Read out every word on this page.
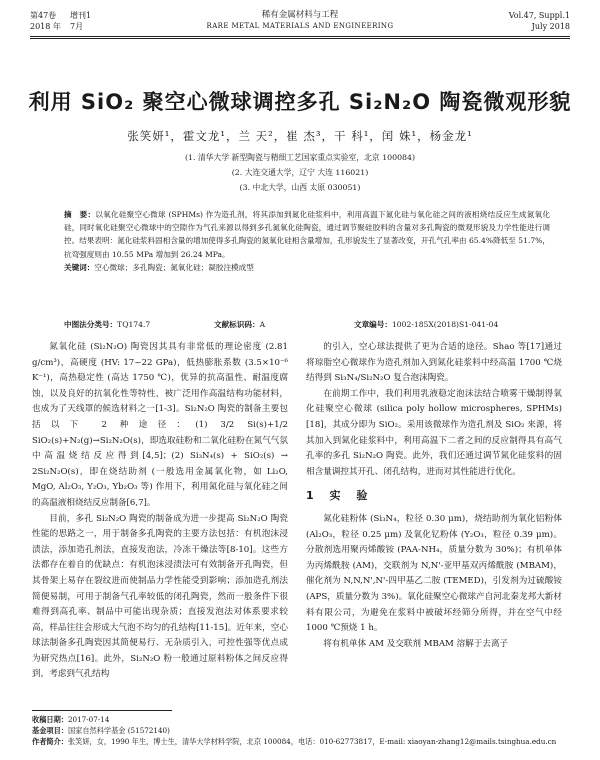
第47卷 增刊1
2018 年 7月
稀有金属材料与工程
RARE METAL MATERIALS AND ENGINEERING
Vol.47, Suppl.1
July 2018
利用 SiO₂ 聚空心微球调控多孔 Si₂N₂O 陶瓷微观形貌
张笑妍¹，霍文龙¹，兰 天²，崔 杰³，干 科¹，闰 姝¹，杨金龙¹
(1. 清华大学 新型陶瓷与精细工艺国家重点实验室，北京 100084)
(2. 大连交通大学，辽宁 大连 116021)
(3. 中北大学，山西 太原 030051)
摘　要：以氧化硅聚空心微球 (SPHMs) 作为造孔剂，将其添加到氮化硅浆料中，利用高温下氮化硅与氧化硅之间的液相烧结反应生成氮氧化硅，同时氧化硅聚空心微球中的空隙作为气孔来源以得到多孔氮氧化硅陶瓷，通过调节聚硅胶料的含量对多孔陶瓷的微观形貌及力学性能进行调控。结果表明：氮化硅浆料固相含量的增加使得多孔陶瓷的氮氧化硅相含量增加，孔形貌发生了显著改变，开孔气孔率由 65.4%降低至 51.7%，抗弯强度则由 10.55 MPa 增加到 26.24 MPa。
关键词：空心微球；多孔陶瓷；氮氧化硅；凝胶注模成型
中图法分类号：TQ174.7	文献标识码：A	文章编号：1002-185X(2018)S1-041-04

氮氧化硅 (Si₂N₂O) 陶瓷因其具有非常低的理论密度 (2.81 g/cm³)，高硬度 (HV: 17~22 GPa)，低热膨胀系数 (3.5×10⁻⁶ K⁻¹)，高热稳定性 (高达 1750 ℃)，优异的抗高温性、耐温度腐蚀，以及良好的抗氧化性等特性，被广泛用作高温结构功能材料，也成为了天线罩的候选材料之一[1-3]。Si₂N₂O 陶瓷的制备主要包括以下 2 种途径：(1) 3/2 Si(s)+1/2 SiO₂(s)+N₂(g)→Si₂N₂O(s)，即选取硅粉和二氧化硅粉在氮气气氛中高温烧结反应得到[4,5]；(2) Si₃N₄(s) + SiO₂(s) → 2Si₂N₂O(s)，即在烧结助剂 (一般选用金属氧化物，如 Li₂O, MgO, Al₂O₃, Y₂O₃, Yb₂O₃ 等) 作用下，利用氮化硅与氧化硅之间的高温液相烧结反应制备[6,7]。

目前，多孔 Si₂N₂O 陶瓷的制备成为进一步提高 Si₂N₂O 陶瓷性能的思路之一，用于制备多孔陶瓷的主要方法包括：有机泡沫浸渍法，添加造孔剂法，直接发泡法，冷冻干燥法等[8-10]。这些方法都存在着自的优缺点：有机泡沫浸渍法可有效制备开孔陶瓷，但其骨架上易存在裂纹进而使制品力学性能受到影响；添加造孔剂法简便易制，可用于制备气孔率较低的闭孔陶瓷，然而一般条件下很难得到高孔率、制品中可能出现杂质；直接发泡法对体系要求较高，样品往往会形成大气泡不均匀的孔结构[11-15]。近年来，空心球法制备多孔陶瓷因其简便易行、无杂质引入，可控性强等优点成为研究热点[16]。此外，Si₂N₂O 粉一般通过原料粉体之间反应得到，考虑到气孔结构

的引入，空心球法提供了更为合适的途径。Shao 等[17]通过将琼脂空心微球作为造孔剂加入到氮化硅浆料中经高温 1700 ℃烧结得到 Si₃N₄/Si₂N₂O 复合泡沫陶瓷。

在前期工作中，我们利用乳液稳定泡沫法结合喷雾干燥制得氧化硅聚空心微球 (silica poly hollow microspheres, SPHMs)[18]，其成分即为 SiO₂。采用该微球作为造孔剂及 SiO₂ 来源，将其加入到氮化硅浆料中，利用高温下二者之间的反应制得具有高气孔率的多孔 Si₂N₂O 陶瓷。此外，我们还通过调节氮化硅浆料的固相含量调控其开孔、闭孔结构，进而对其性能进行优化。

1 实 验

氮化硅粉体 (Si₃N₄，粒径 0.30 μm)，烧结助剂为氧化铝粉体 (Al₂O₃，粒径 0.25 μm) 及氧化钇粉体 (Y₂O₃，粒径 0.39 μm)。分散剂选用聚丙烯酸铵 (PAA-NH₄，质量分数为 30%)；有机单体为丙烯酰胺 (AM)，交联剂为 N,N'-亚甲基双丙烯酰胺 (MBAM)，催化剂为 N,N,N',N'-四甲基乙二胺 (TEMED)，引发剂为过硫酸铵 (APS，质量分数为 3%)。氧化硅聚空心微球产自河北秦龙邦大新材料有限公司，为避免在浆料中被破坏经筛分所得，并在空气中经 1000 ℃预烧 1 h。

将有机单体 AM 及交联剂 MBAM 溶解于去离子

收稿日期：2017-07-14
基金项目：国家自然科学基金 (51572140)
作者简介：张笑妍，女，1990 年生，博士生，清华大学材料学院，北京 100084，电话：010-62773817，E-mail: xiaoyan-zhang12@mails.tsinghua.edu.cn
